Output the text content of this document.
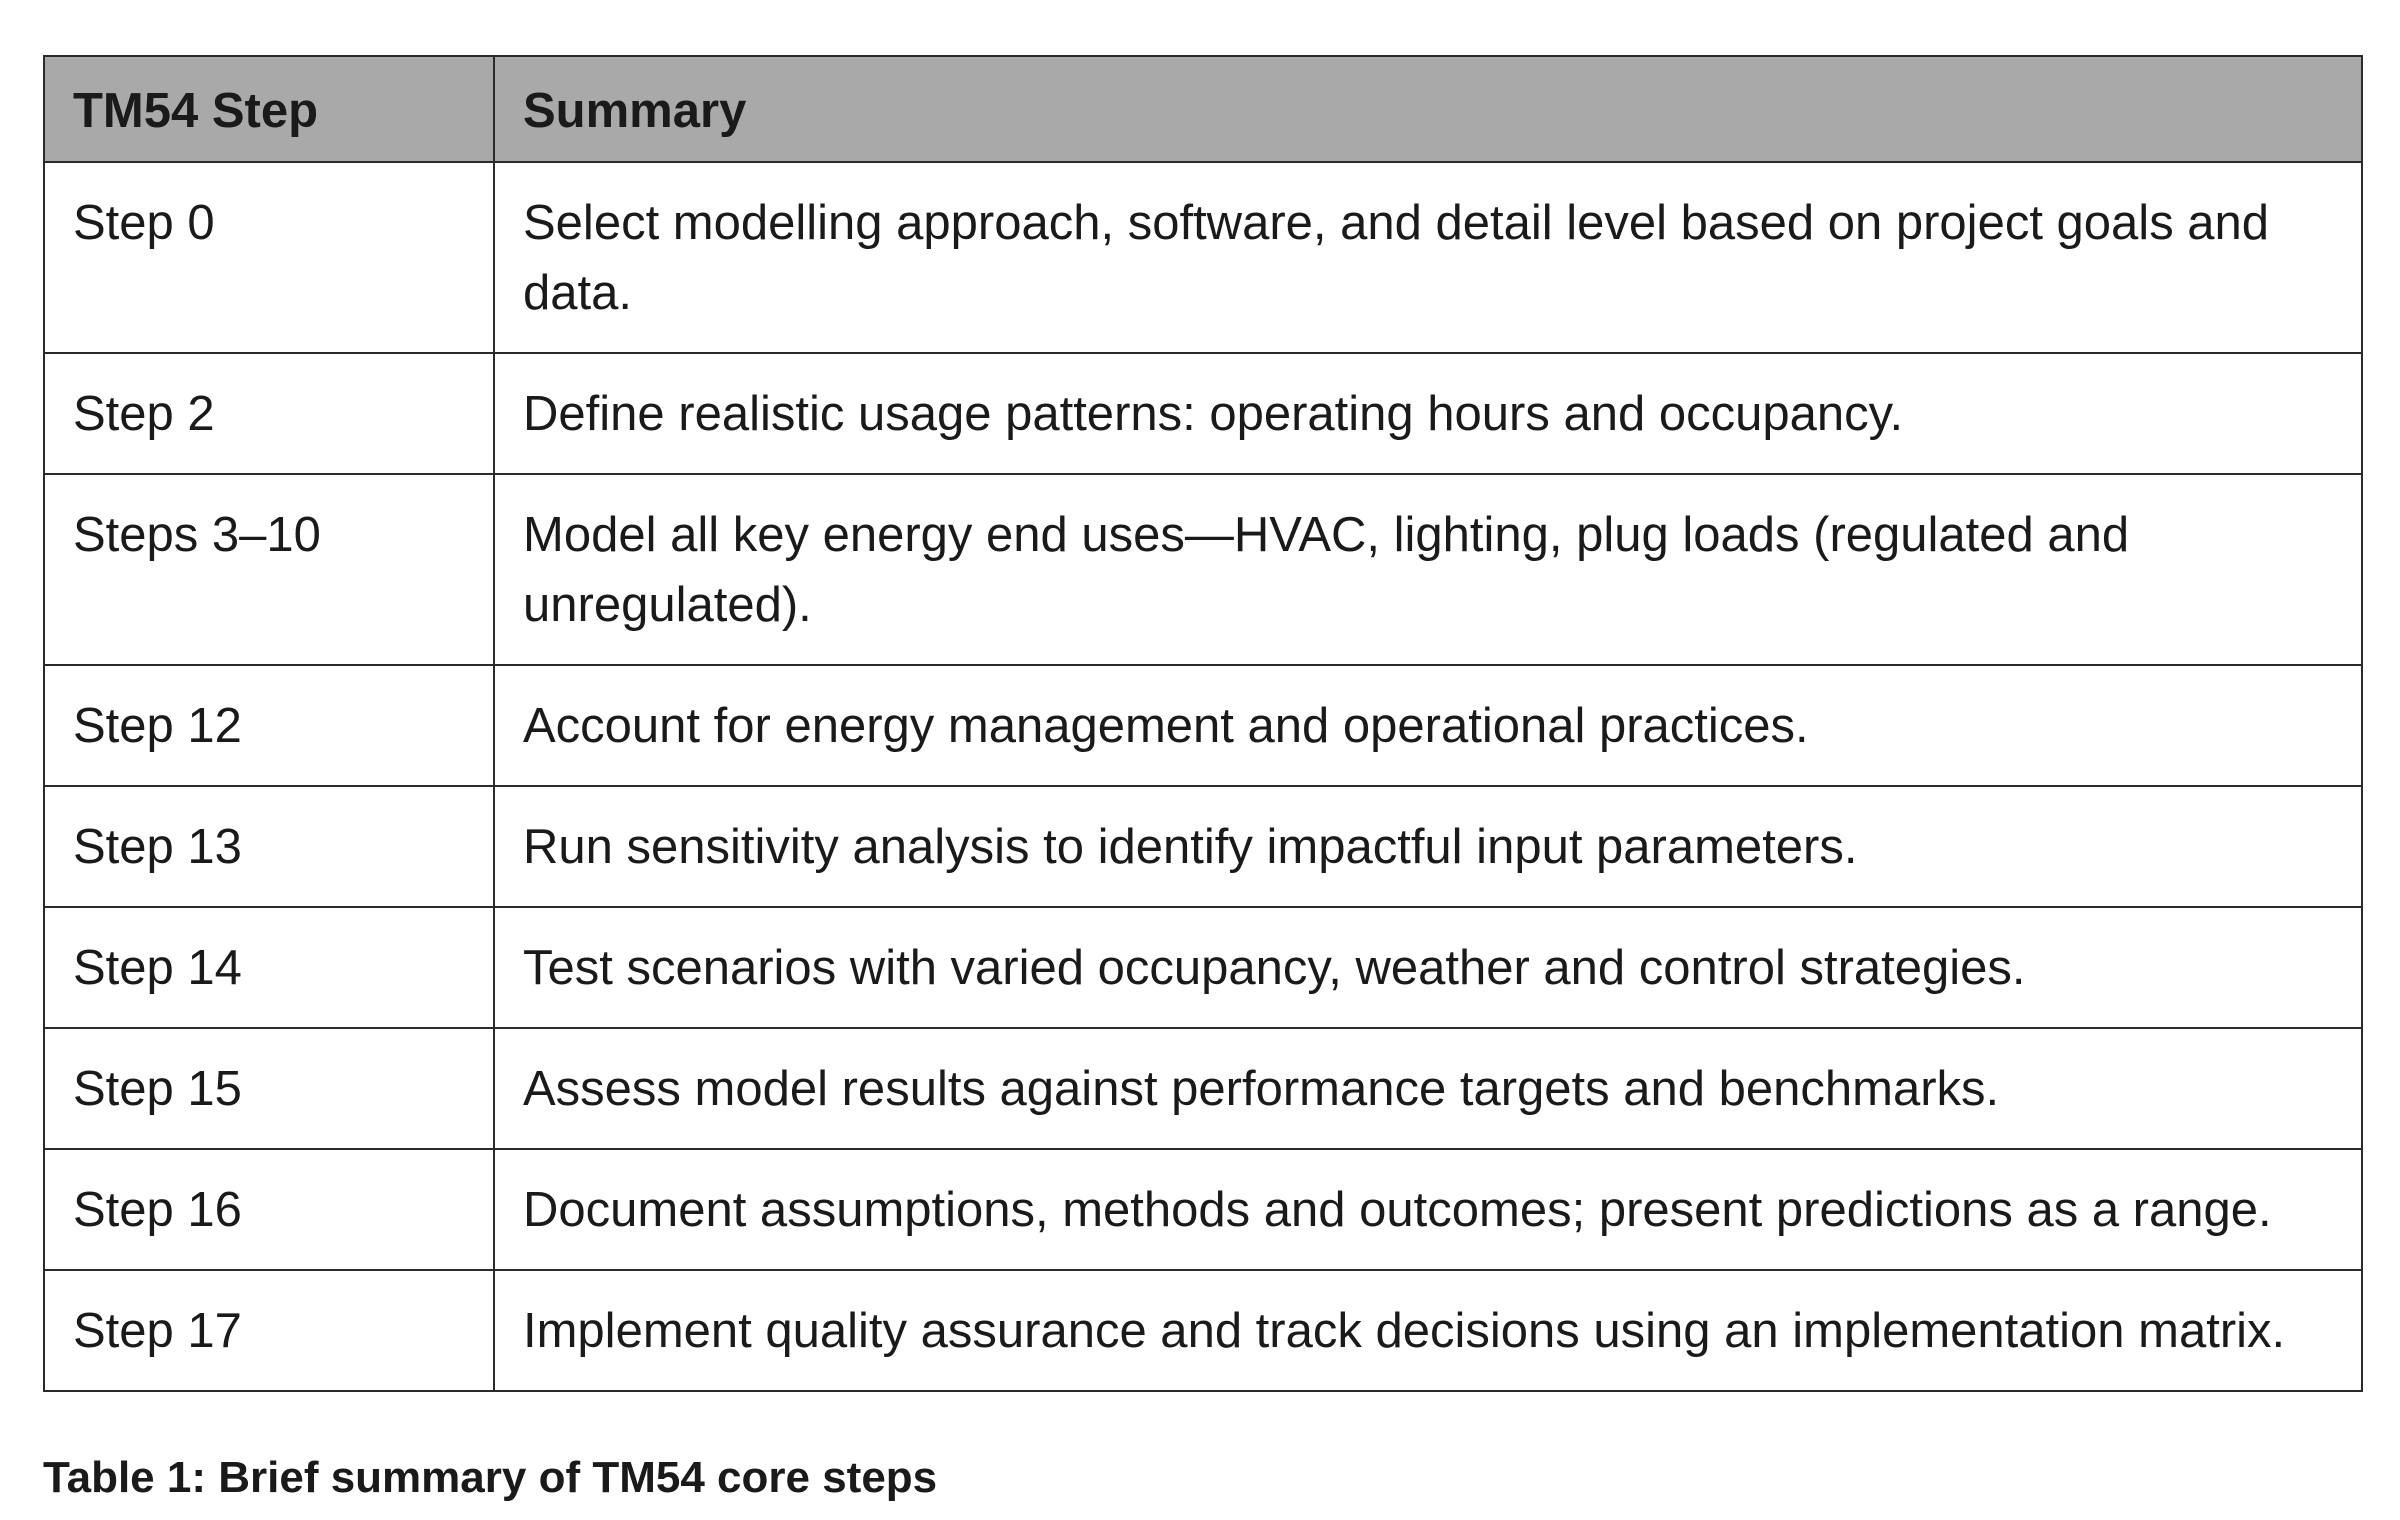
TM54 Step	Summary
Step 0	Select modelling approach, software, and detail level based on project goals and data.
Step 2	Define realistic usage patterns: operating hours and occupancy.
Steps 3–10	Model all key energy end uses—HVAC, lighting, plug loads (regulated and unregulated).
Step 12	Account for energy management and operational practices.
Step 13	Run sensitivity analysis to identify impactful input parameters.
Step 14	Test scenarios with varied occupancy, weather and control strategies.
Step 15	Assess model results against performance targets and benchmarks.
Step 16	Document assumptions, methods and outcomes; present predictions as a range.
Step 17	Implement quality assurance and track decisions using an implementation matrix.
Table 1: Brief summary of TM54 core steps
